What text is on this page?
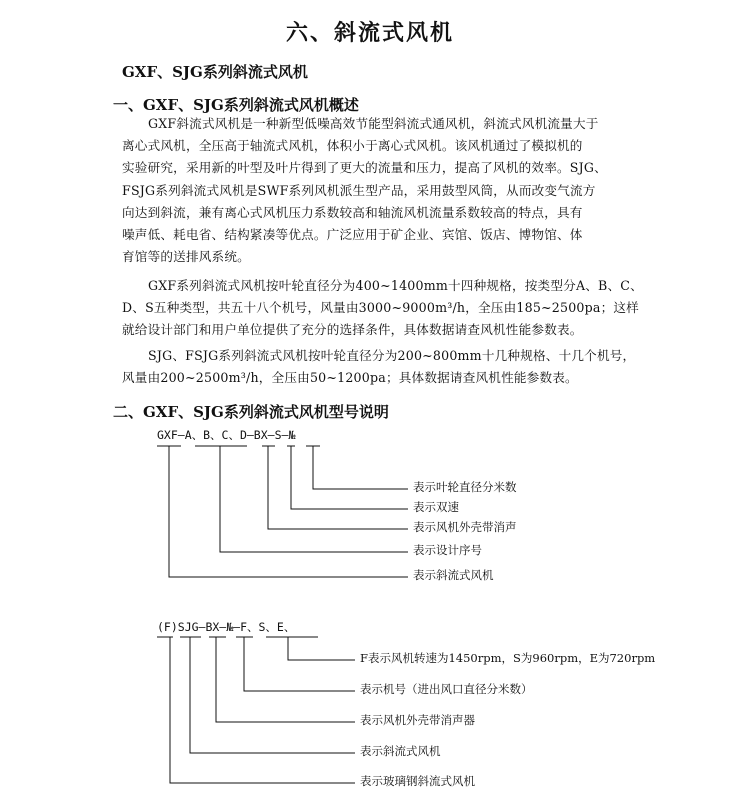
六、斜流式风机
GXF、SJG系列斜流式风机
一、GXF、SJG系列斜流式风机概述
GXF斜流式风机是一种新型低噪高效节能型斜流式通风机，斜流式风机流量大于
离心式风机，全压高于轴流式风机，体积小于离心式风机。该风机通过了模拟机的
实验研究，采用新的叶型及叶片得到了更大的流量和压力，提高了风机的效率。SJG、
FSJG系列斜流式风机是SWF系列风机派生型产品，采用鼓型风筒，从而改变气流方
向达到斜流，兼有离心式风机压力系数较高和轴流风机流量系数较高的特点，具有
噪声低、耗电省、结构紧凑等优点。广泛应用于矿企业、宾馆、饭店、博物馆、体
育馆等的送排风系统。
GXF系列斜流式风机按叶轮直径分为400~1400mm十四种规格，按类型分A、B、C、
D、S五种类型，共五十八个机号，风量由3000~9000m³/h，全压由185~2500pa；这样
就给设计部门和用户单位提供了充分的选择条件，具体数据请查风机性能参数表。
SJG、FSJG系列斜流式风机按叶轮直径分为200~800mm十几种规格、十几个机号，
风量由200~2500m³/h，全压由50~1200pa；具体数据请查风机性能参数表。
二、GXF、SJG系列斜流式风机型号说明
GXF—A、B、C、D—BX—S—№
表示叶轮直径分米数
表示双速
表示风机外壳带消声
表示设计序号
表示斜流式风机
(F)SJG—BX—№—F、S、E、
F表示风机转速为1450rpm，S为960rpm，E为720rpm
表示机号（进出风口直径分米数）
表示风机外壳带消声器
表示斜流式风机
表示玻璃钢斜流式风机
